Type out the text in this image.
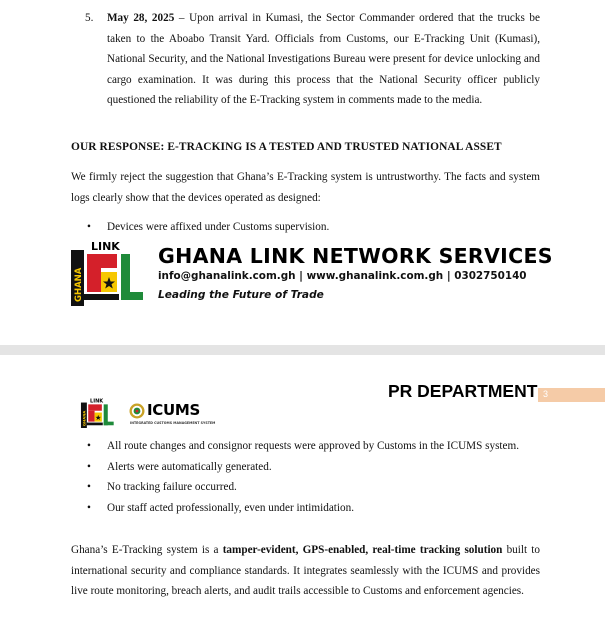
5.	May 28, 2025 – Upon arrival in Kumasi, the Sector Commander ordered that the trucks be taken to the Aboabo Transit Yard. Officials from Customs, our E-Tracking Unit (Kumasi), National Security, and the National Investigations Bureau were present for device unlocking and cargo examination. It was during this process that the National Security officer publicly questioned the reliability of the E-Tracking system in comments made to the media.
OUR RESPONSE: E-TRACKING IS A TESTED AND TRUSTED NATIONAL ASSET
We firmly reject the suggestion that Ghana’s E-Tracking system is untrustworthy. The facts and system logs clearly show that the devices operated as designed:
• Devices were affixed under Customs supervision.
LINK
GHANA
GHANA LINK NETWORK SERVICES
info@ghanalink.com.gh | www.ghanalink.com.gh | 0302750140
Leading the Future of Trade
PR DEPARTMENT 3
LINK
GHANA	ICUMS
INTEGRATED CUSTOMS MANAGEMENT SYSTEM
• All route changes and consignor requests were approved by Customs in the ICUMS system.
• Alerts were automatically generated.
• No tracking failure occurred.
• Our staff acted professionally, even under intimidation.
Ghana’s E-Tracking system is a tamper-evident, GPS-enabled, real-time tracking solution built to international security and compliance standards. It integrates seamlessly with the ICUMS and provides live route monitoring, breach alerts, and audit trails accessible to Customs and enforcement agencies.
